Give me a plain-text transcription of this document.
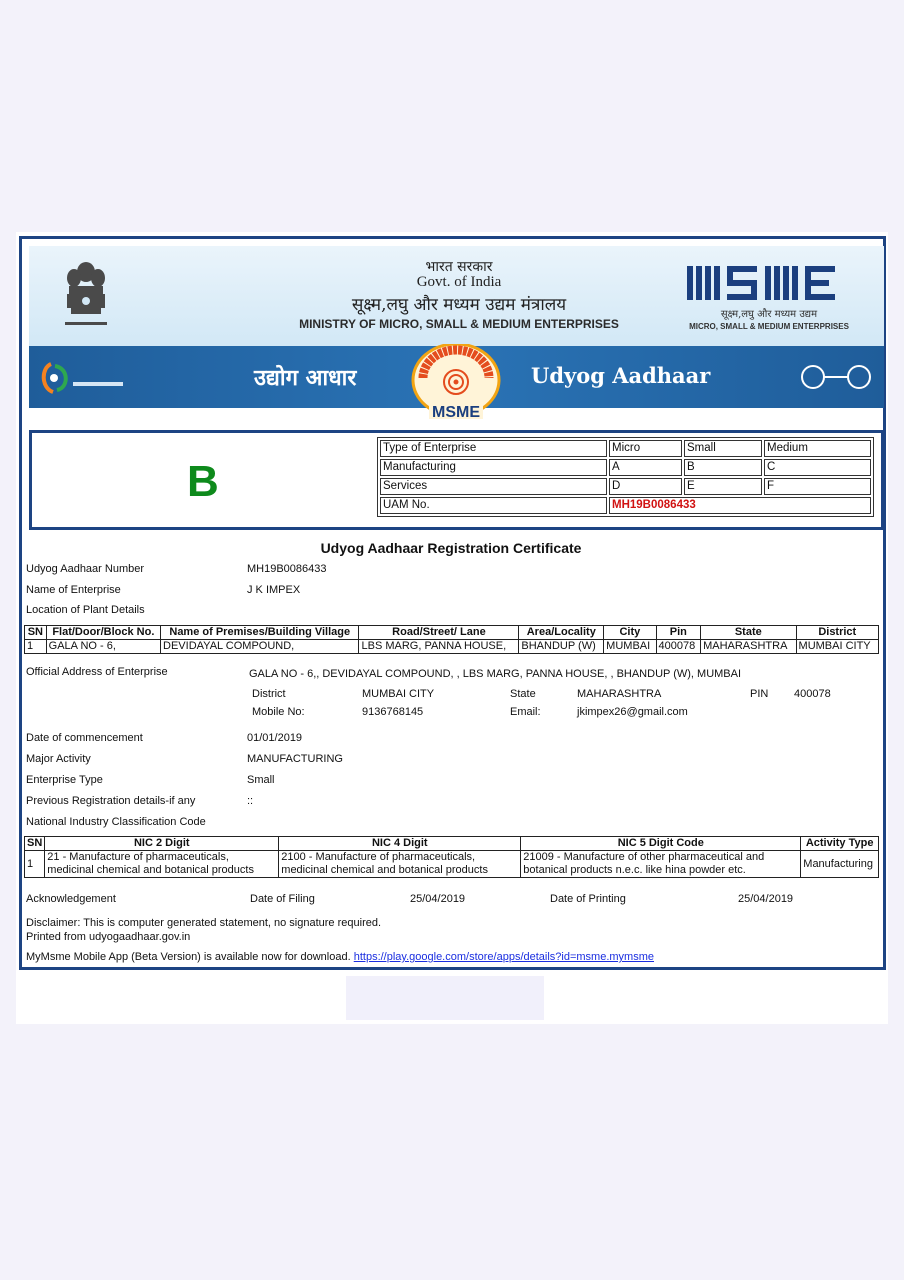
भारत सरकार
Govt. of India
सूक्ष्म,लघु और मध्यम उद्यम मंत्रालय
MINISTRY OF MICRO, SMALL & MEDIUM ENTERPRISES
सूक्ष्म,लघु और मध्यम उद्यम
MICRO, SMALL & MEDIUM ENTERPRISES
उद्योग आधार
MSME
Udyog Aadhaar
B
Type of Enterprise	Micro	Small	Medium
Manufacturing	A	B	C
Services	D	E	F
UAM No.	MH19B0086433		
Udyog Aadhaar Registration Certificate
Udyog Aadhaar Number	MH19B0086433
Name of Enterprise	J K IMPEX
Location of Plant Details
SN	Flat/Door/Block No.	Name of Premises/Building Village	Road/Street/ Lane	Area/Locality	City	Pin	State	District
1	GALA NO - 6,	DEVIDAYAL COMPOUND,	LBS MARG, PANNA HOUSE,	BHANDUP (W)	MUMBAI	400078	MAHARASHTRA	MUMBAI CITY
Official Address of Enterprise	GALA NO - 6,, DEVIDAYAL COMPOUND, , LBS MARG, PANNA HOUSE, , BHANDUP (W), MUMBAI
District	MUMBAI CITY	State	MAHARASHTRA	PIN 400078
Mobile No:	9136768145	Email:	jkimpex26@gmail.com
Date of commencement	01/01/2019
Major Activity	MANUFACTURING
Enterprise Type	Small
Previous Registration details-if any	::
National Industry Classification Code
SN	NIC 2 Digit	NIC 4 Digit	NIC 5 Digit Code	Activity Type
1	21 - Manufacture of pharmaceuticals, medicinal chemical and botanical products	2100 - Manufacture of pharmaceuticals, medicinal chemical and botanical products	21009 - Manufacture of other pharmaceutical and botanical products n.e.c. like hina powder etc.	Manufacturing
Acknowledgement	Date of Filing	25/04/2019	Date of Printing	25/04/2019
Disclaimer: This is computer generated statement, no signature required.
Printed from udyogaadhaar.gov.in
MyMsme Mobile App (Beta Version) is available now for download. https://play.google.com/store/apps/details?id=msme.mymsme
